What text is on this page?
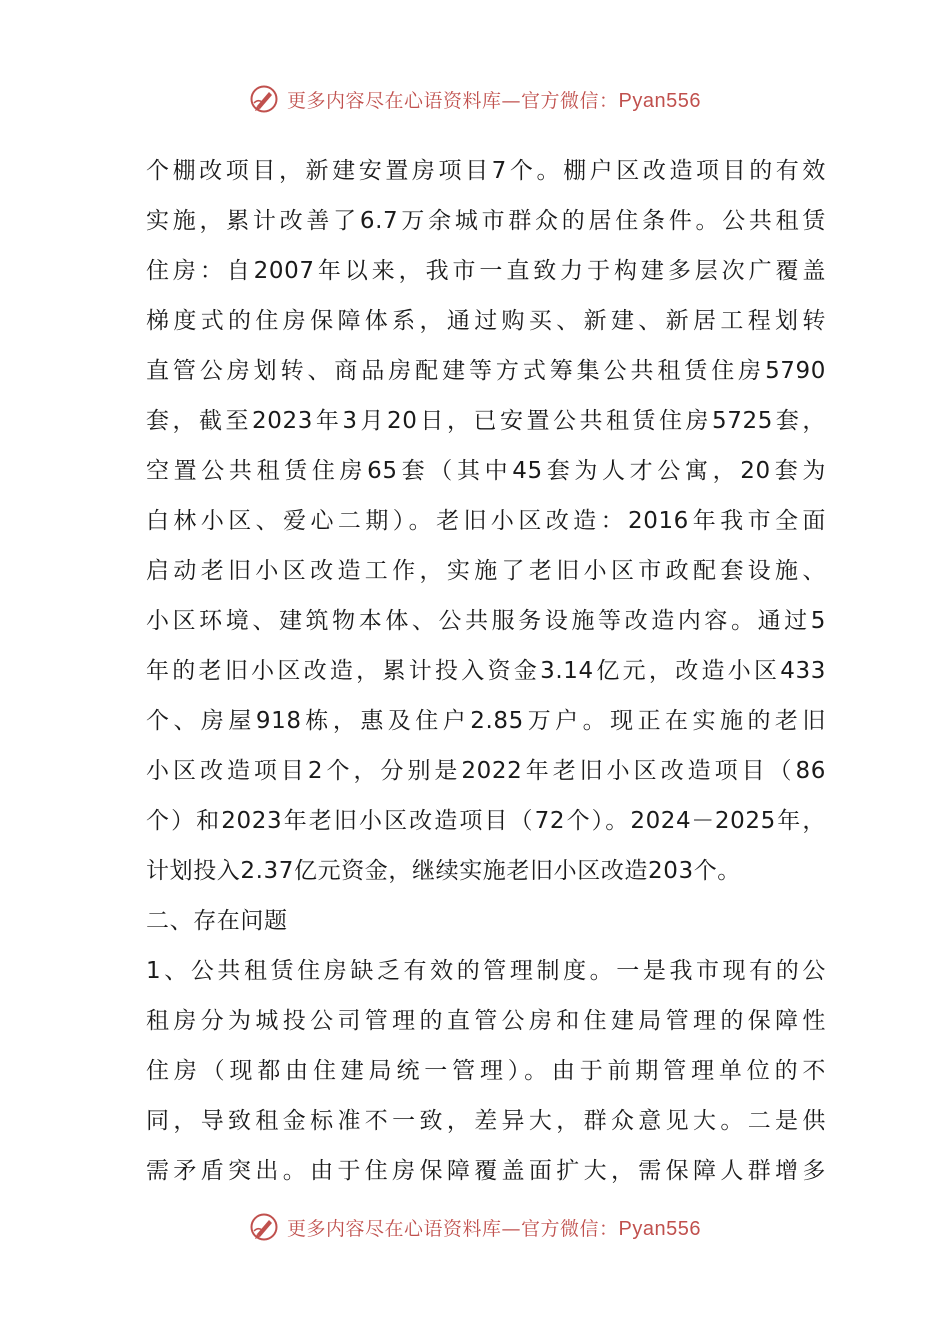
更多内容尽在心语资料库—官方微信：Pyan556
个棚改项目，新建安置房项目7个。棚户区改造项目的有效
实施，累计改善了6.7万余城市群众的居住条件。公共租赁
住房：自2007年以来，我市一直致力于构建多层次广覆盖
梯度式的住房保障体系，通过购买、新建、新居工程划转
直管公房划转、商品房配建等方式筹集公共租赁住房5790
套，截至2023年3月20日，已安置公共租赁住房5725套，
空置公共租赁住房65套（其中45套为人才公寓，20套为
白林小区、爱心二期）。老旧小区改造：2016年我市全面
启动老旧小区改造工作，实施了老旧小区市政配套设施、
小区环境、建筑物本体、公共服务设施等改造内容。通过5
年的老旧小区改造，累计投入资金3.14亿元，改造小区433
个、房屋918栋，惠及住户2.85万户。现正在实施的老旧
小区改造项目2个，分别是2022年老旧小区改造项目（86
个）和2023年老旧小区改造项目（72个）。2024－2025年，
计划投入2.37亿元资金，继续实施老旧小区改造203个。
二、存在问题
1、公共租赁住房缺乏有效的管理制度。一是我市现有的公
租房分为城投公司管理的直管公房和住建局管理的保障性
住房（现都由住建局统一管理）。由于前期管理单位的不
同，导致租金标准不一致，差异大，群众意见大。二是供
需矛盾突出。由于住房保障覆盖面扩大，需保障人群增多
更多内容尽在心语资料库—官方微信：Pyan556
